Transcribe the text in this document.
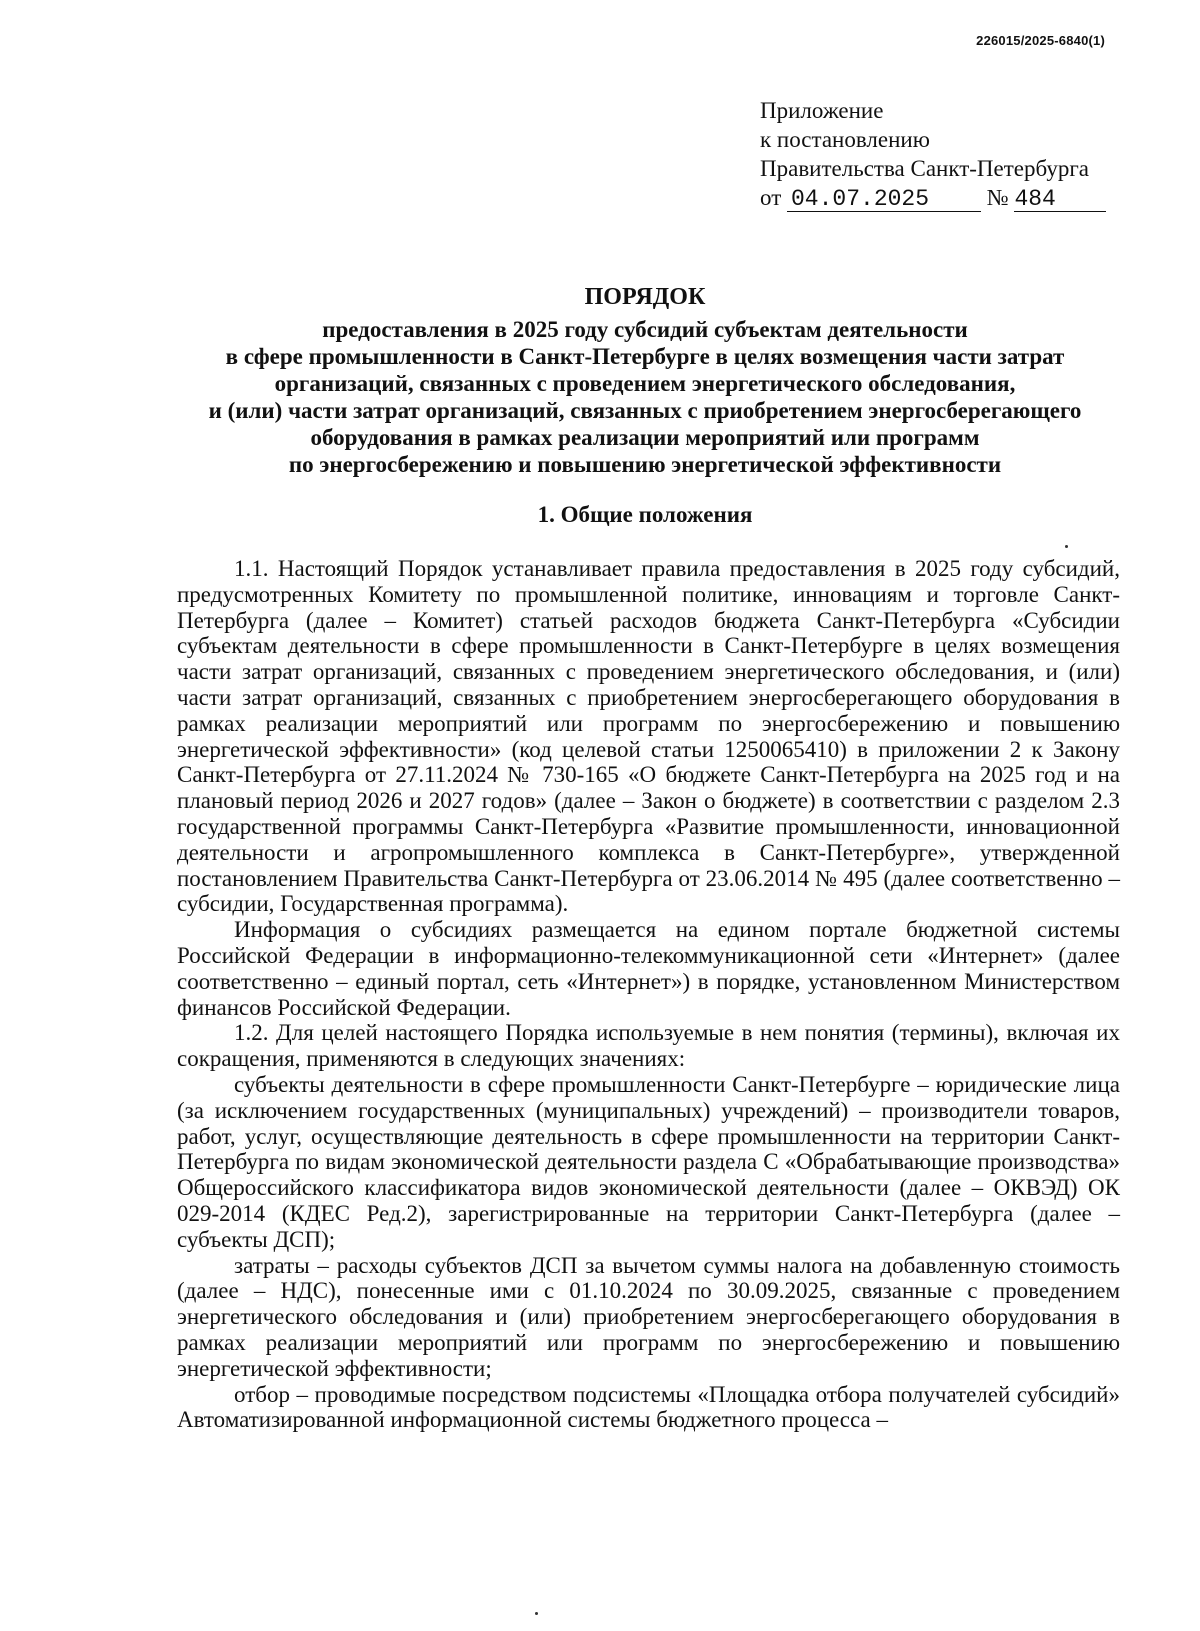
226015/2025-6840(1)
Приложение
к постановлению
Правительства Санкт-Петербурга
от 04.07.2025	№ 484
ПОРЯДОК
предоставления в 2025 году субсидий субъектам деятельности
в сфере промышленности в Санкт-Петербурге в целях возмещения части затрат
организаций, связанных с проведением энергетического обследования,
и (или) части затрат организаций, связанных с приобретением энергосберегающего
оборудования в рамках реализации мероприятий или программ
по энергосбережению и повышению энергетической эффективности
1. Общие положения

1.1. Настоящий Порядок устанавливает правила предоставления в 2025 году субсидий, предусмотренных Комитету по промышленной политике, инновациям и торговле Санкт-Петербурга (далее – Комитет) статьей расходов бюджета Санкт-Петербурга «Субсидии субъектам деятельности в сфере промышленности в Санкт-Петербурге в целях возмещения части затрат организаций, связанных с проведением энергетического обследования, и (или) части затрат организаций, связанных с приобретением энергосберегающего оборудования в рамках реализации мероприятий или программ по энергосбережению и повышению энергетической эффективности» (код целевой статьи 1250065410) в приложении 2 к Закону Санкт-Петербурга от 27.11.2024 № 730-165 «О бюджете Санкт-Петербурга на 2025 год и на плановый период 2026 и 2027 годов» (далее – Закон о бюджете) в соответствии с разделом 2.3 государственной программы Санкт-Петербурга «Развитие промышленности, инновационной деятельности и агропромышленного комплекса в Санкт-Петербурге», утвержденной постановлением Правительства Санкт-Петербурга от 23.06.2014 № 495 (далее соответственно – субсидии, Государственная программа).

Информация о субсидиях размещается на едином портале бюджетной системы Российской Федерации в информационно-телекоммуникационной сети «Интернет» (далее соответственно – единый портал, сеть «Интернет») в порядке, установленном Министерством финансов Российской Федерации.

1.2. Для целей настоящего Порядка используемые в нем понятия (термины), включая их сокращения, применяются в следующих значениях:

субъекты деятельности в сфере промышленности Санкт-Петербурге – юридические лица (за исключением государственных (муниципальных) учреждений) – производители товаров, работ, услуг, осуществляющие деятельность в сфере промышленности на территории Санкт-Петербурга по видам экономической деятельности раздела С «Обрабатывающие производства» Общероссийского классификатора видов экономической деятельности (далее – ОКВЭД) ОК 029-2014 (КДЕС Ред.2), зарегистрированные на территории Санкт-Петербурга (далее – субъекты ДСП);

затраты – расходы субъектов ДСП за вычетом суммы налога на добавленную стоимость (далее – НДС), понесенные ими с 01.10.2024 по 30.09.2025, связанные с проведением энергетического обследования и (или) приобретением энергосберегающего оборудования в рамках реализации мероприятий или программ по энергосбережению и повышению энергетической эффективности;

отбор – проводимые посредством подсистемы «Площадка отбора получателей субсидий» Автоматизированной информационной системы бюджетного процесса –
